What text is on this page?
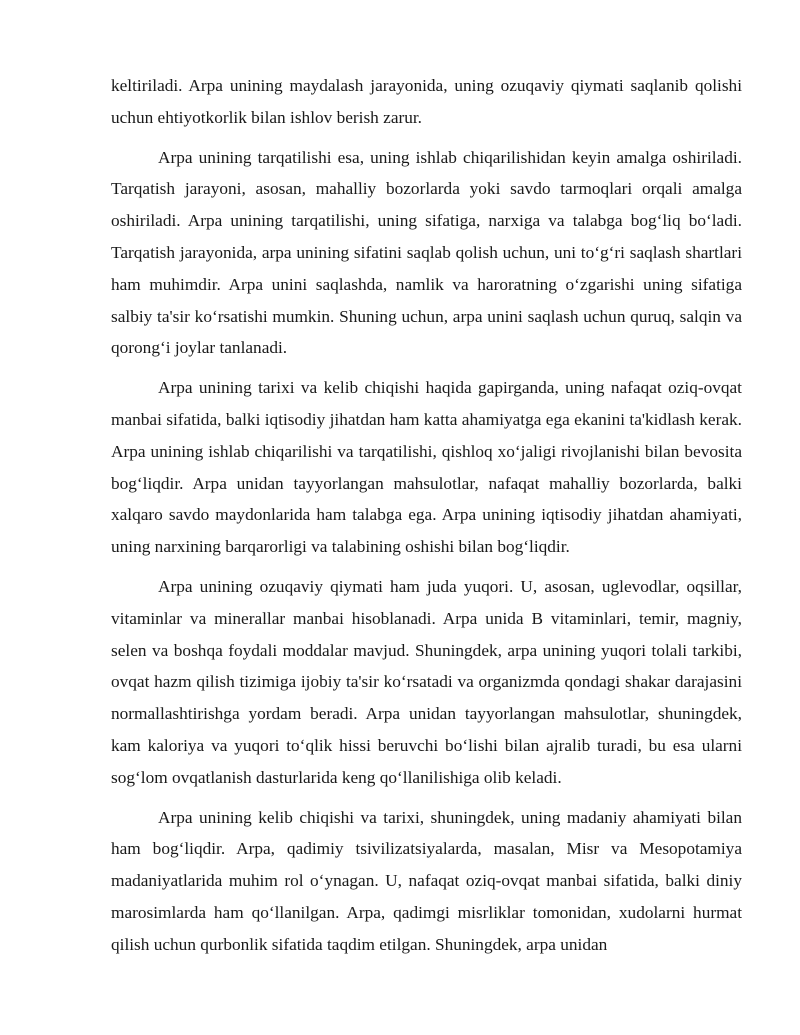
keltiriladi. Arpa unining maydalash jarayonida, uning ozuqaviy qiymati saqlanib qolishi uchun ehtiyotkorlik bilan ishlov berish zarur.

Arpa unining tarqatilishi esa, uning ishlab chiqarilishidan keyin amalga oshiriladi. Tarqatish jarayoni, asosan, mahalliy bozorlarda yoki savdo tarmoqlari orqali amalga oshiriladi. Arpa unining tarqatilishi, uning sifatiga, narxiga va talabga bog‘liq bo‘ladi. Tarqatish jarayonida, arpa unining sifatini saqlab qolish uchun, uni to‘g‘ri saqlash shartlari ham muhimdir. Arpa unini saqlashda, namlik va haroratning o‘zgarishi uning sifatiga salbiy ta'sir ko‘rsatishi mumkin. Shuning uchun, arpa unini saqlash uchun quruq, salqin va qorong‘i joylar tanlanadi.

Arpa unining tarixi va kelib chiqishi haqida gapirganda, uning nafaqat oziq-ovqat manbai sifatida, balki iqtisodiy jihatdan ham katta ahamiyatga ega ekanini ta'kidlash kerak. Arpa unining ishlab chiqarilishi va tarqatilishi, qishloq xo‘jaligi rivojlanishi bilan bevosita bog‘liqdir. Arpa unidan tayyorlangan mahsulotlar, nafaqat mahalliy bozorlarda, balki xalqaro savdo maydonlarida ham talabga ega. Arpa unining iqtisodiy jihatdan ahamiyati, uning narxining barqarorligi va talabining oshishi bilan bog‘liqdir.

Arpa unining ozuqaviy qiymati ham juda yuqori. U, asosan, uglevodlar, oqsillar, vitaminlar va minerallar manbai hisoblanadi. Arpa unida B vitaminlari, temir, magniy, selen va boshqa foydali moddalar mavjud. Shuningdek, arpa unining yuqori tolali tarkibi, ovqat hazm qilish tizimiga ijobiy ta'sir ko‘rsatadi va organizmda qondagi shakar darajasini normallashtirishga yordam beradi. Arpa unidan tayyorlangan mahsulotlar, shuningdek, kam kaloriya va yuqori to‘qlik hissi beruvchi bo‘lishi bilan ajralib turadi, bu esa ularni sog‘lom ovqatlanish dasturlarida keng qo‘llanilishiga olib keladi.

Arpa unining kelib chiqishi va tarixi, shuningdek, uning madaniy ahamiyati bilan ham bog‘liqdir. Arpa, qadimiy tsivilizatsiyalarda, masalan, Misr va Mesopotamiya madaniyatlarida muhim rol o‘ynagan. U, nafaqat oziq-ovqat manbai sifatida, balki diniy marosimlarda ham qo‘llanilgan. Arpa, qadimgi misrliklar tomonidan, xudolarni hurmat qilish uchun qurbonlik sifatida taqdim etilgan. Shuningdek, arpa unidan
